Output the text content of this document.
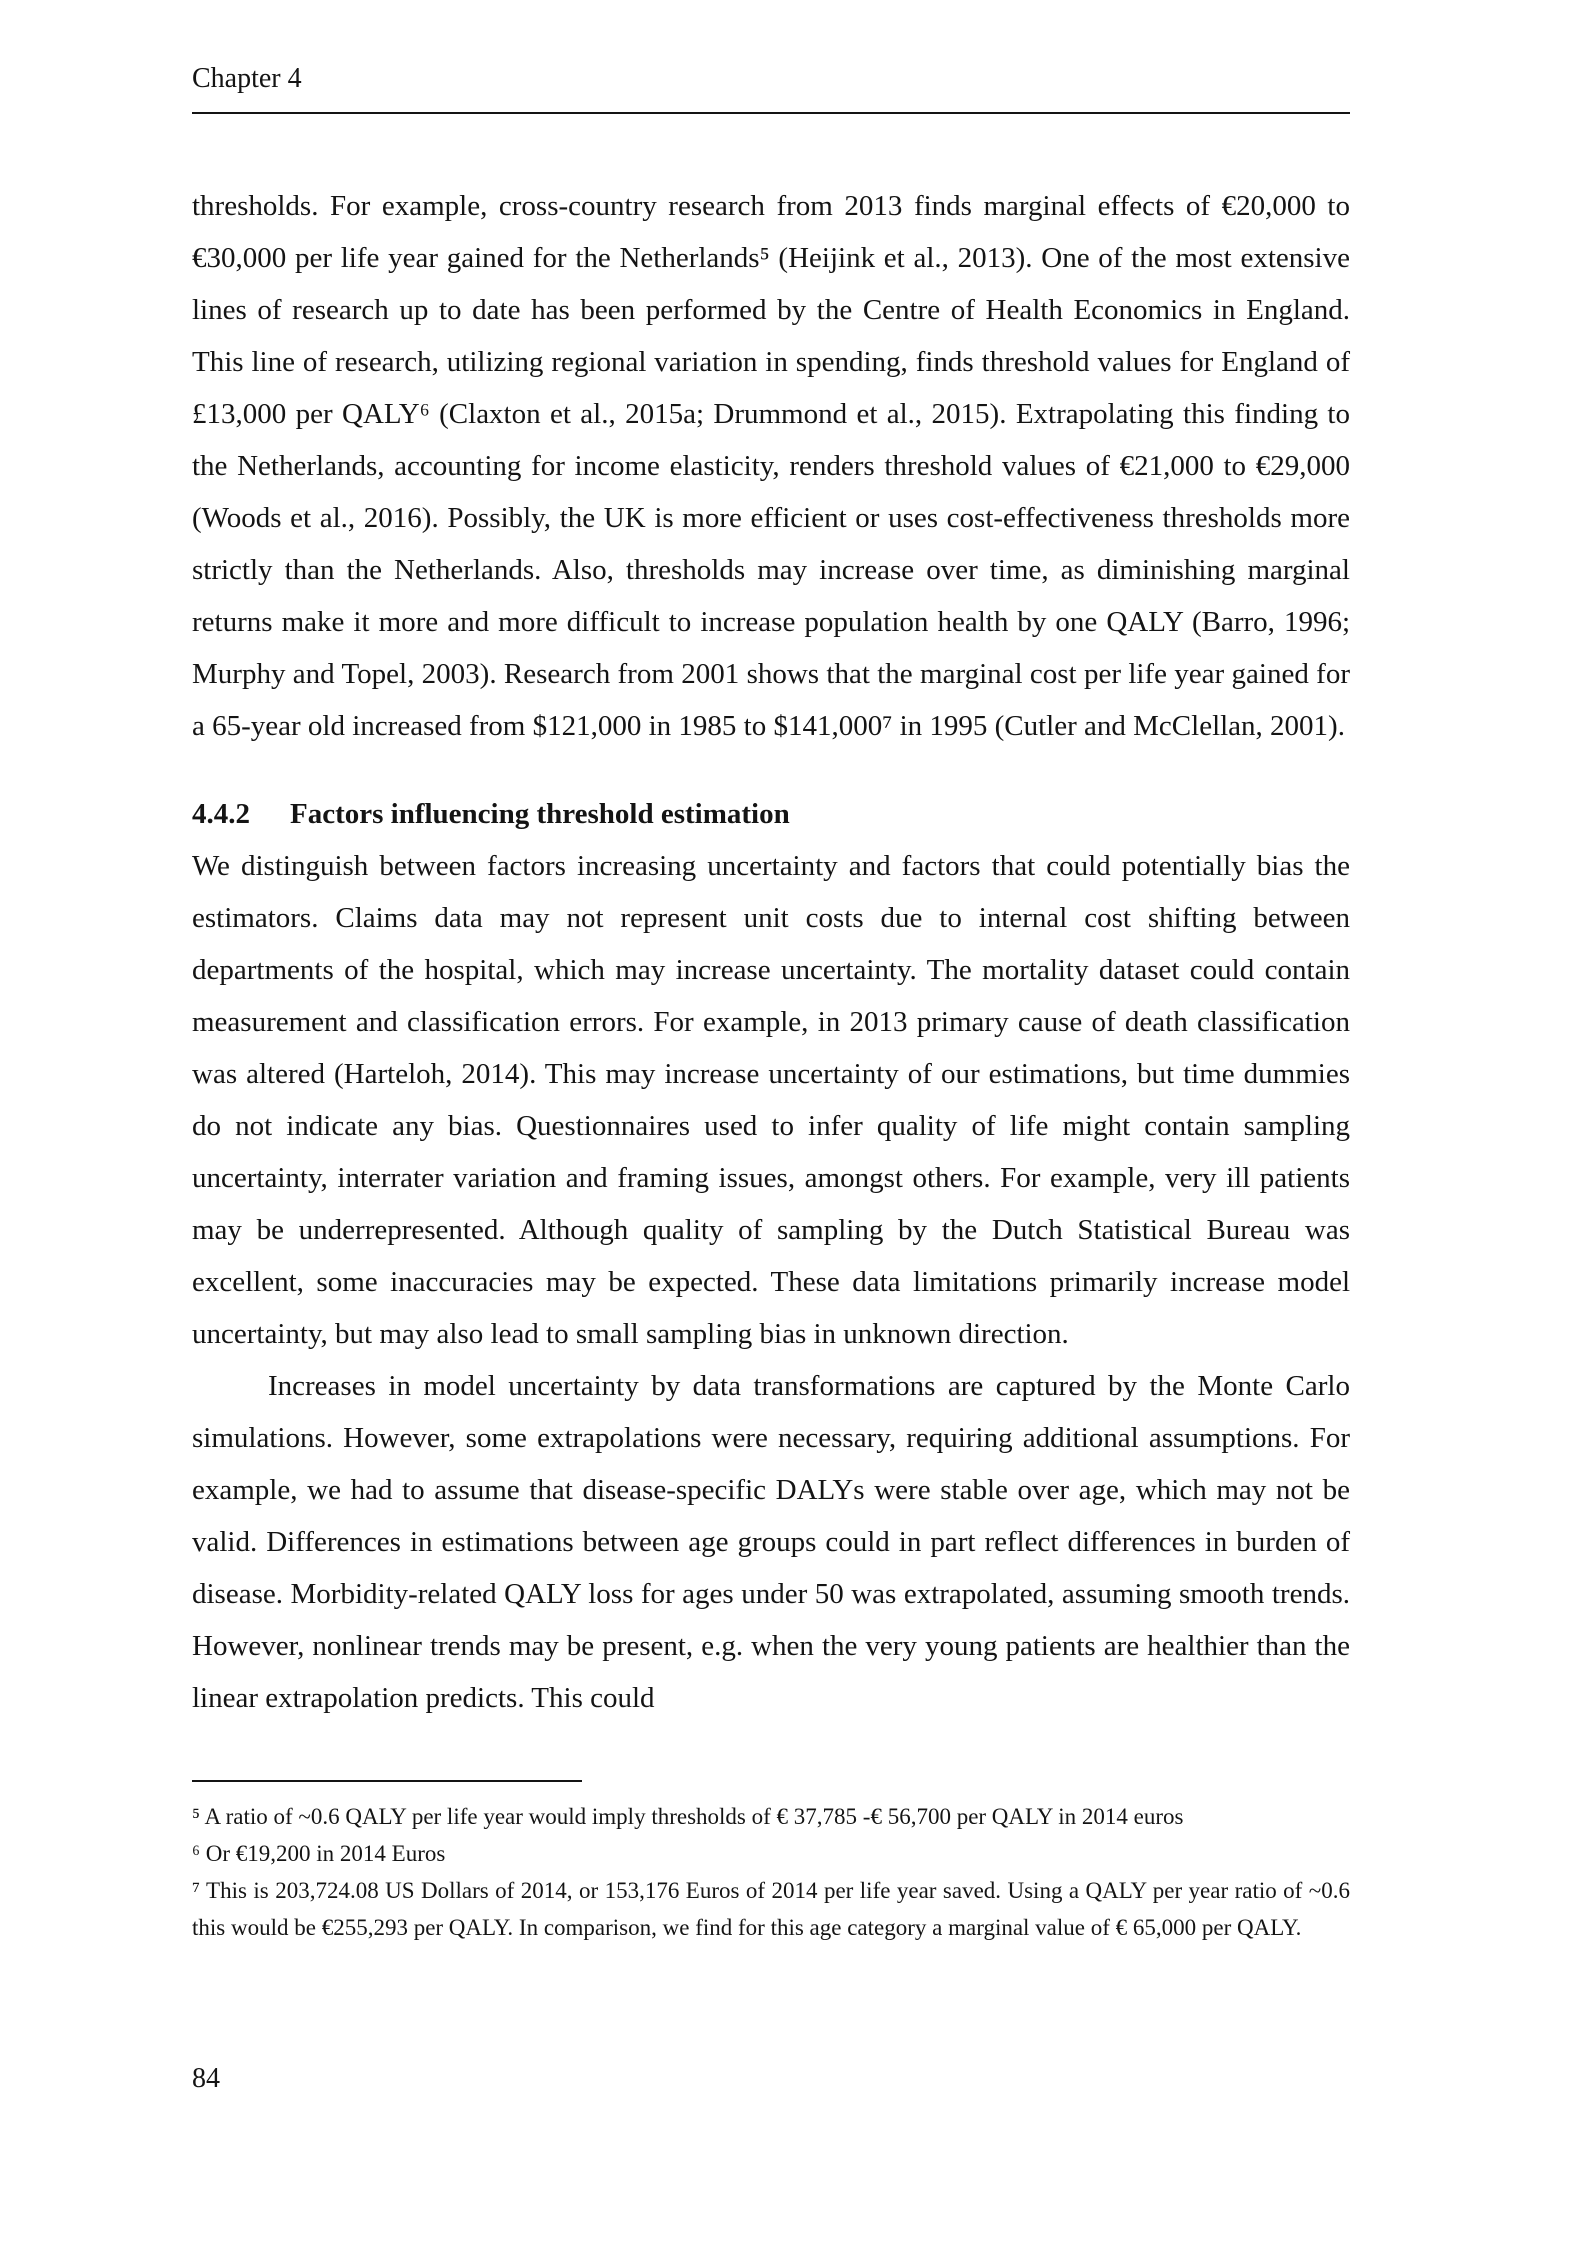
Chapter 4

thresholds. For example, cross-country research from 2013 finds marginal effects of €20,000 to €30,000 per life year gained for the Netherlands⁵ (Heijink et al., 2013). One of the most extensive lines of research up to date has been performed by the Centre of Health Economics in England. This line of research, utilizing regional variation in spending, finds threshold values for England of £13,000 per QALY⁶ (Claxton et al., 2015a; Drummond et al., 2015). Extrapolating this finding to the Netherlands, accounting for income elasticity, renders threshold values of €21,000 to €29,000 (Woods et al., 2016). Possibly, the UK is more efficient or uses cost-effectiveness thresholds more strictly than the Netherlands. Also, thresholds may increase over time, as diminishing marginal returns make it more and more difficult to increase population health by one QALY (Barro, 1996; Murphy and Topel, 2003). Research from 2001 shows that the marginal cost per life year gained for a 65-year old increased from $121,000 in 1985 to $141,000⁷ in 1995 (Cutler and McClellan, 2001).

4.4.2 Factors influencing threshold estimation

We distinguish between factors increasing uncertainty and factors that could potentially bias the estimators. Claims data may not represent unit costs due to internal cost shifting between departments of the hospital, which may increase uncertainty. The mortality dataset could contain measurement and classification errors. For example, in 2013 primary cause of death classification was altered (Harteloh, 2014). This may increase uncertainty of our estimations, but time dummies do not indicate any bias. Questionnaires used to infer quality of life might contain sampling uncertainty, interrater variation and framing issues, amongst others. For example, very ill patients may be underrepresented. Although quality of sampling by the Dutch Statistical Bureau was excellent, some inaccuracies may be expected. These data limitations primarily increase model uncertainty, but may also lead to small sampling bias in unknown direction.

Increases in model uncertainty by data transformations are captured by the Monte Carlo simulations. However, some extrapolations were necessary, requiring additional assumptions. For example, we had to assume that disease-specific DALYs were stable over age, which may not be valid. Differences in estimations between age groups could in part reflect differences in burden of disease. Morbidity-related QALY loss for ages under 50 was extrapolated, assuming smooth trends. However, nonlinear trends may be present, e.g. when the very young patients are healthier than the linear extrapolation predicts. This could

⁵ A ratio of ~0.6 QALY per life year would imply thresholds of € 37,785 -€ 56,700 per QALY in 2014 euros

⁶ Or €19,200 in 2014 Euros

⁷ This is 203,724.08 US Dollars of 2014, or 153,176 Euros of 2014 per life year saved. Using a QALY per year ratio of ~0.6 this would be €255,293 per QALY. In comparison, we find for this age category a marginal value of € 65,000 per QALY.

84
